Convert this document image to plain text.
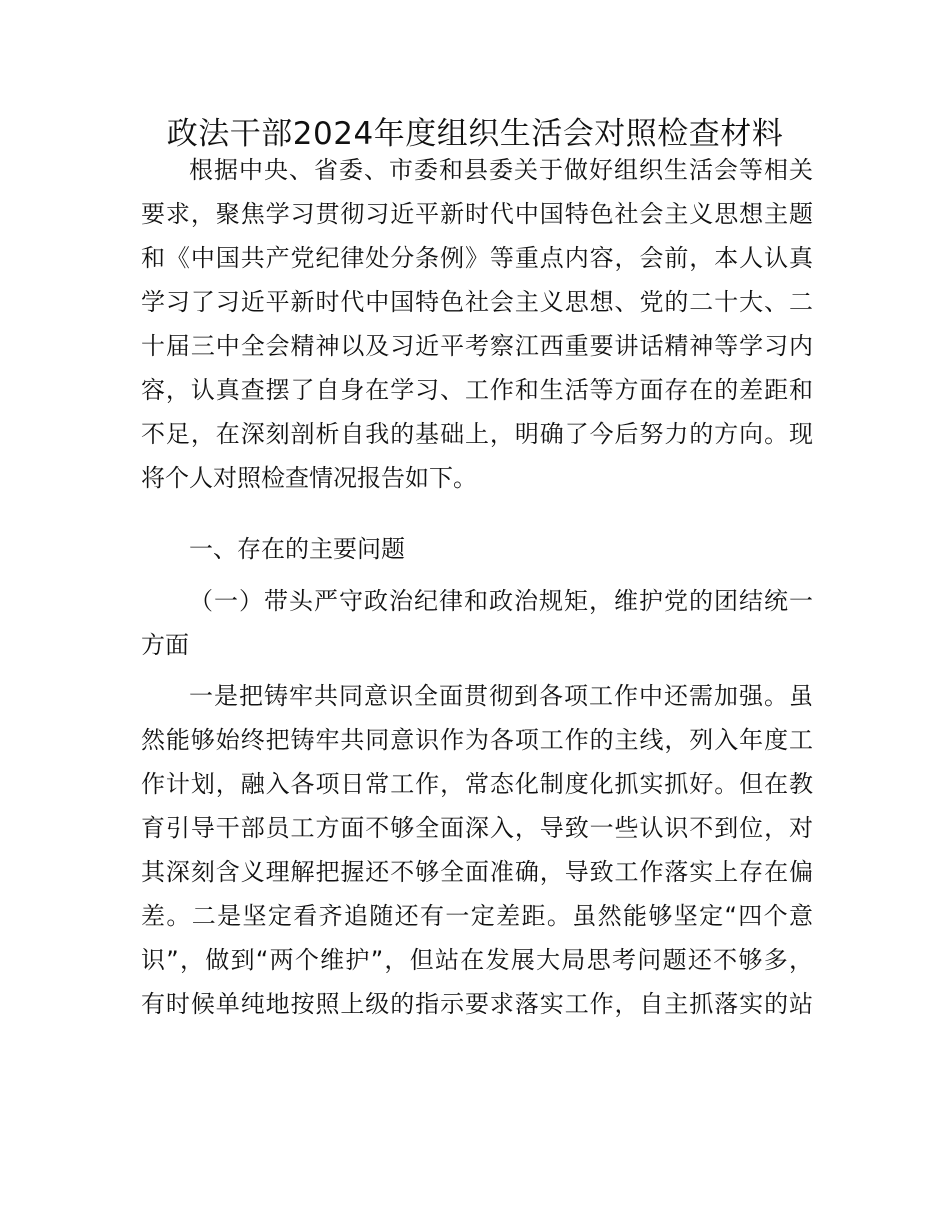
政法干部2024年度组织生活会对照检查材料
根据中央、省委、市委和县委关于做好组织生活会等相关
要求，聚焦学习贯彻习近平新时代中国特色社会主义思想主题
和《中国共产党纪律处分条例》等重点内容，会前，本人认真
学习了习近平新时代中国特色社会主义思想、党的二十大、二
十届三中全会精神以及习近平考察江西重要讲话精神等学习内
容，认真查摆了自身在学习、工作和生活等方面存在的差距和
不足，在深刻剖析自我的基础上，明确了今后努力的方向。现
将个人对照检查情况报告如下。
一、存在的主要问题
（一）带头严守政治纪律和政治规矩，维护党的团结统一
方面
一是把铸牢共同意识全面贯彻到各项工作中还需加强。虽
然能够始终把铸牢共同意识作为各项工作的主线，列入年度工
作计划，融入各项日常工作，常态化制度化抓实抓好。但在教
育引导干部员工方面不够全面深入，导致一些认识不到位，对
其深刻含义理解把握还不够全面准确，导致工作落实上存在偏
差。二是坚定看齐追随还有一定差距。虽然能够坚定“四个意
识”，做到“两个维护”，但站在发展大局思考问题还不够多，
有时候单纯地按照上级的指示要求落实工作，自主抓落实的站
